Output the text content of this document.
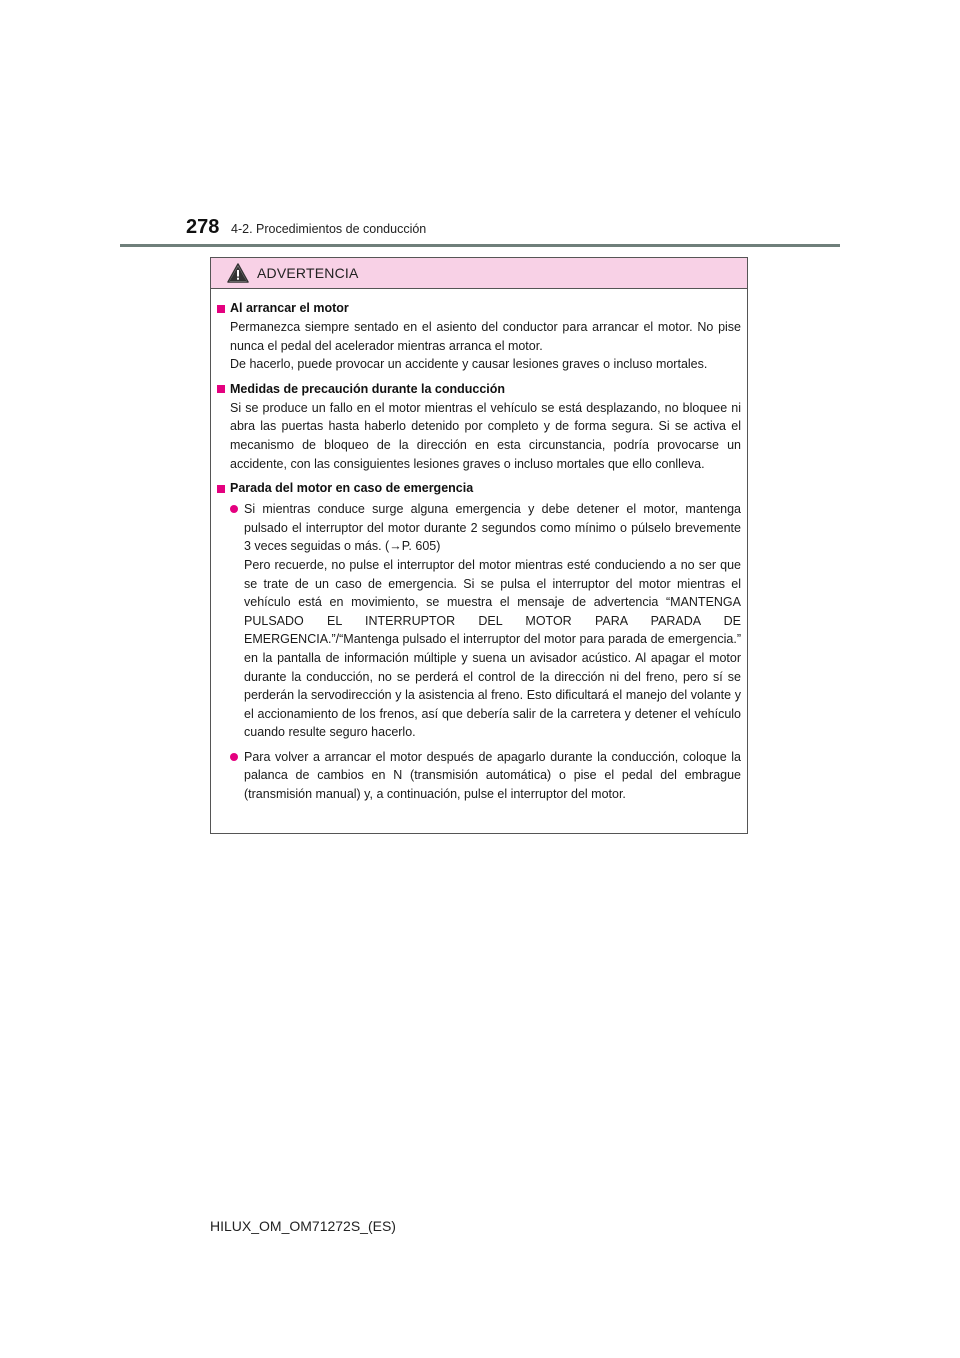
278 4-2. Procedimientos de conducción
ADVERTENCIA
Al arrancar el motor

Permanezca siempre sentado en el asiento del conductor para arrancar el motor. No pise nunca el pedal del acelerador mientras arranca el motor.

De hacerlo, puede provocar un accidente y causar lesiones graves o incluso mortales.

Medidas de precaución durante la conducción

Si se produce un fallo en el motor mientras el vehículo se está desplazando, no bloquee ni abra las puertas hasta haberlo detenido por completo y de forma segura. Si se activa el mecanismo de bloqueo de la dirección en esta circunstancia, podría provocarse un accidente, con las consiguientes lesiones graves o incluso mortales que ello conlleva.

Parada del motor en caso de emergencia

Si mientras conduce surge alguna emergencia y debe detener el motor, mantenga pulsado el interruptor del motor durante 2 segundos como mínimo o púlselo brevemente 3 veces seguidas o más. (→P. 605)

Pero recuerde, no pulse el interruptor del motor mientras esté conduciendo a no ser que se trate de un caso de emergencia. Si se pulsa el interruptor del motor mientras el vehículo está en movimiento, se muestra el mensaje de advertencia “MANTENGA PULSADO EL INTERRUPTOR DEL MOTOR PARA PARADA DE EMERGENCIA.”/“Mantenga pulsado el interruptor del motor para parada de emergencia.” en la pantalla de información múltiple y suena un avisador acústico. Al apagar el motor durante la conducción, no se perderá el control de la dirección ni del freno, pero sí se perderán la servodirección y la asistencia al freno. Esto dificultará el manejo del volante y el accionamiento de los frenos, así que debería salir de la carretera y detener el vehículo cuando resulte seguro hacerlo.

Para volver a arrancar el motor después de apagarlo durante la conducción, coloque la palanca de cambios en N (transmisión automática) o pise el pedal del embrague (transmisión manual) y, a continuación, pulse el interruptor del motor.

HILUX_OM_OM71272S_(ES)
